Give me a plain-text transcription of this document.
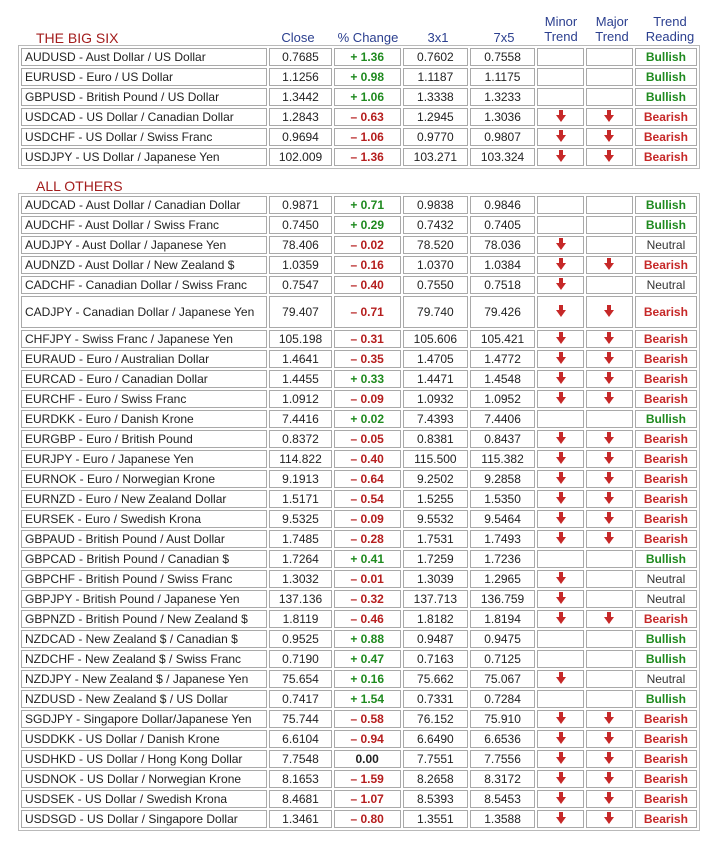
Minor
Trend
Major
Trend
Trend
Reading
Close	% Change	3x1	7x5
THE BIG SIX
AUDUSD - Aust Dollar / US Dollar	0.7685	+ 1.36	0.7602	0.7558			Bullish
EURUSD - Euro / US Dollar	1.1256	+ 0.98	1.1187	1.1175			Bullish
GBPUSD - British Pound / US Dollar	1.3442	+ 1.06	1.3338	1.3233			Bullish
USDCAD - US Dollar / Canadian Dollar	1.2843	– 0.63	1.2945	1.3036			Bearish
USDCHF - US Dollar / Swiss Franc	0.9694	– 1.06	0.9770	0.9807			Bearish
USDJPY - US Dollar / Japanese Yen	102.009	– 1.36	103.271	103.324			Bearish
ALL OTHERS
AUDCAD - Aust Dollar / Canadian Dollar	0.9871	+ 0.71	0.9838	0.9846			Bullish
AUDCHF - Aust Dollar / Swiss Franc	0.7450	+ 0.29	0.7432	0.7405			Bullish
AUDJPY - Aust Dollar / Japanese Yen	78.406	– 0.02	78.520	78.036			Neutral
AUDNZD - Aust Dollar / New Zealand $	1.0359	– 0.16	1.0370	1.0384			Bearish
CADCHF - Canadian Dollar / Swiss Franc	0.7547	– 0.40	0.7550	0.7518			Neutral
CADJPY - Canadian Dollar / Japanese Yen	79.407	– 0.71	79.740	79.426			Bearish
CHFJPY - Swiss Franc / Japanese Yen	105.198	– 0.31	105.606	105.421			Bearish
EURAUD - Euro / Australian Dollar	1.4641	– 0.35	1.4705	1.4772			Bearish
EURCAD - Euro / Canadian Dollar	1.4455	+ 0.33	1.4471	1.4548			Bearish
EURCHF - Euro / Swiss Franc	1.0912	– 0.09	1.0932	1.0952			Bearish
EURDKK - Euro / Danish Krone	7.4416	+ 0.02	7.4393	7.4406			Bullish
EURGBP - Euro / British Pound	0.8372	– 0.05	0.8381	0.8437			Bearish
EURJPY - Euro / Japanese Yen	114.822	– 0.40	115.500	115.382			Bearish
EURNOK - Euro / Norwegian Krone	9.1913	– 0.64	9.2502	9.2858			Bearish
EURNZD - Euro / New Zealand Dollar	1.5171	– 0.54	1.5255	1.5350			Bearish
EURSEK - Euro / Swedish Krona	9.5325	– 0.09	9.5532	9.5464			Bearish
GBPAUD - British Pound / Aust Dollar	1.7485	– 0.28	1.7531	1.7493			Bearish
GBPCAD - British Pound / Canadian $	1.7264	+ 0.41	1.7259	1.7236			Bullish
GBPCHF - British Pound / Swiss Franc	1.3032	– 0.01	1.3039	1.2965			Neutral
GBPJPY - British Pound / Japanese Yen	137.136	– 0.32	137.713	136.759			Neutral
GBPNZD - British Pound / New Zealand $	1.8119	– 0.46	1.8182	1.8194			Bearish
NZDCAD - New Zealand $ / Canadian $	0.9525	+ 0.88	0.9487	0.9475			Bullish
NZDCHF - New Zealand $ / Swiss Franc	0.7190	+ 0.47	0.7163	0.7125			Bullish
NZDJPY - New Zealand $ / Japanese Yen	75.654	+ 0.16	75.662	75.067			Neutral
NZDUSD - New Zealand $ / US Dollar	0.7417	+ 1.54	0.7331	0.7284			Bullish
SGDJPY - Singapore Dollar/Japanese Yen	75.744	– 0.58	76.152	75.910			Bearish
USDDKK - US Dollar / Danish Krone	6.6104	– 0.94	6.6490	6.6536			Bearish
USDHKD - US Dollar / Hong Kong Dollar	7.7548	0.00	7.7551	7.7556			Bearish
USDNOK - US Dollar / Norwegian Krone	8.1653	– 1.59	8.2658	8.3172			Bearish
USDSEK - US Dollar / Swedish Krona	8.4681	– 1.07	8.5393	8.5453			Bearish
USDSGD - US Dollar / Singapore Dollar	1.3461	– 0.80	1.3551	1.3588			Bearish
